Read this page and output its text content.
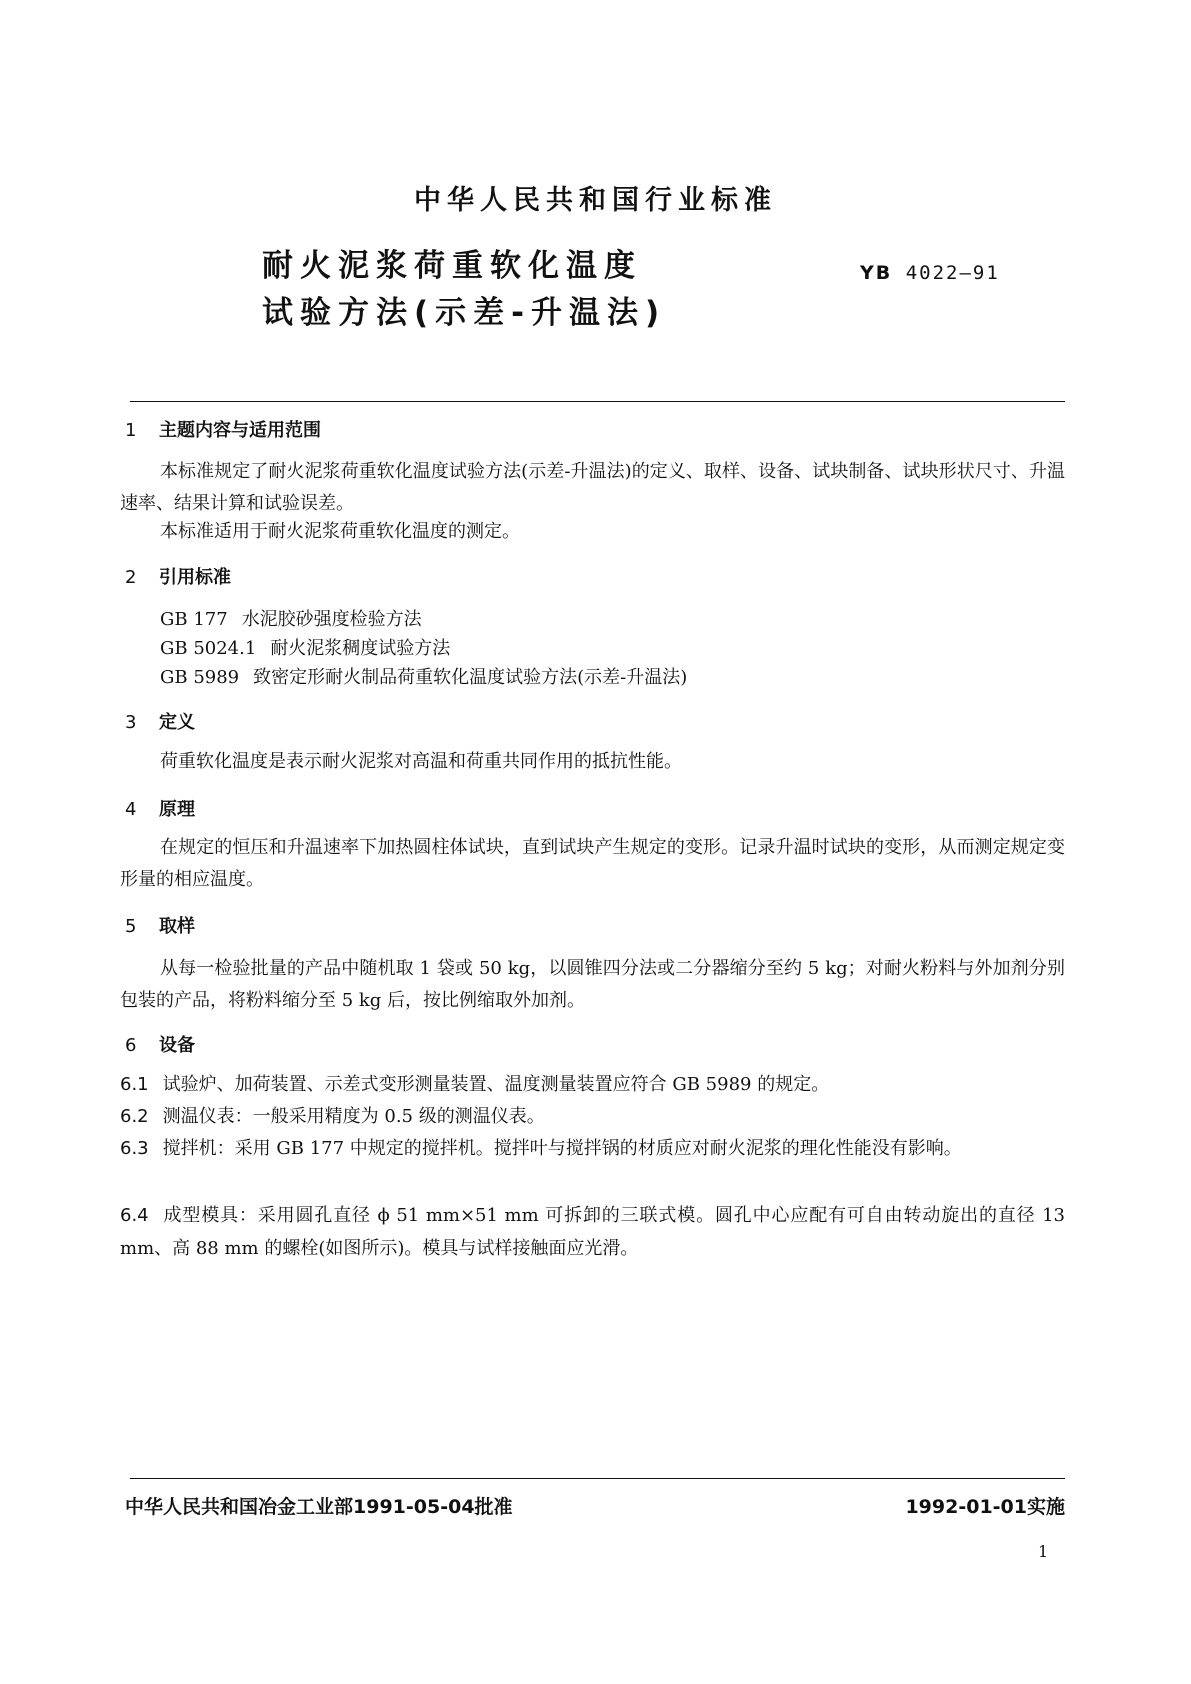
中华人民共和国行业标准
耐火泥浆荷重软化温度
试验方法(示差-升温法)
YB 4022—91
1 主题内容与适用范围
本标准规定了耐火泥浆荷重软化温度试验方法(示差-升温法)的定义、取样、设备、试块制备、试块形状尺寸、升温速率、结果计算和试验误差。
本标准适用于耐火泥浆荷重软化温度的测定。
2 引用标准
GB 177 水泥胶砂强度检验方法
GB 5024.1 耐火泥浆稠度试验方法
GB 5989 致密定形耐火制品荷重软化温度试验方法(示差-升温法)
3 定义
荷重软化温度是表示耐火泥浆对高温和荷重共同作用的抵抗性能。
4 原理
在规定的恒压和升温速率下加热圆柱体试块，直到试块产生规定的变形。记录升温时试块的变形，从而测定规定变形量的相应温度。
5 取样
从每一检验批量的产品中随机取 1 袋或 50 kg，以圆锥四分法或二分器缩分至约 5 kg；对耐火粉料与外加剂分别包装的产品，将粉料缩分至 5 kg 后，按比例缩取外加剂。
6 设备
6.1 试验炉、加荷装置、示差式变形测量装置、温度测量装置应符合 GB 5989 的规定。
6.2 测温仪表：一般采用精度为 0.5 级的测温仪表。
6.3 搅拌机：采用 GB 177 中规定的搅拌机。搅拌叶与搅拌锅的材质应对耐火泥浆的理化性能没有影响。
6.4 成型模具：采用圆孔直径 ϕ 51 mm×51 mm 可拆卸的三联式模。圆孔中心应配有可自由转动旋出的直径 13 mm、高 88 mm 的螺栓(如图所示)。模具与试样接触面应光滑。
中华人民共和国冶金工业部1991-05-04批准	1992-01-01实施
1
